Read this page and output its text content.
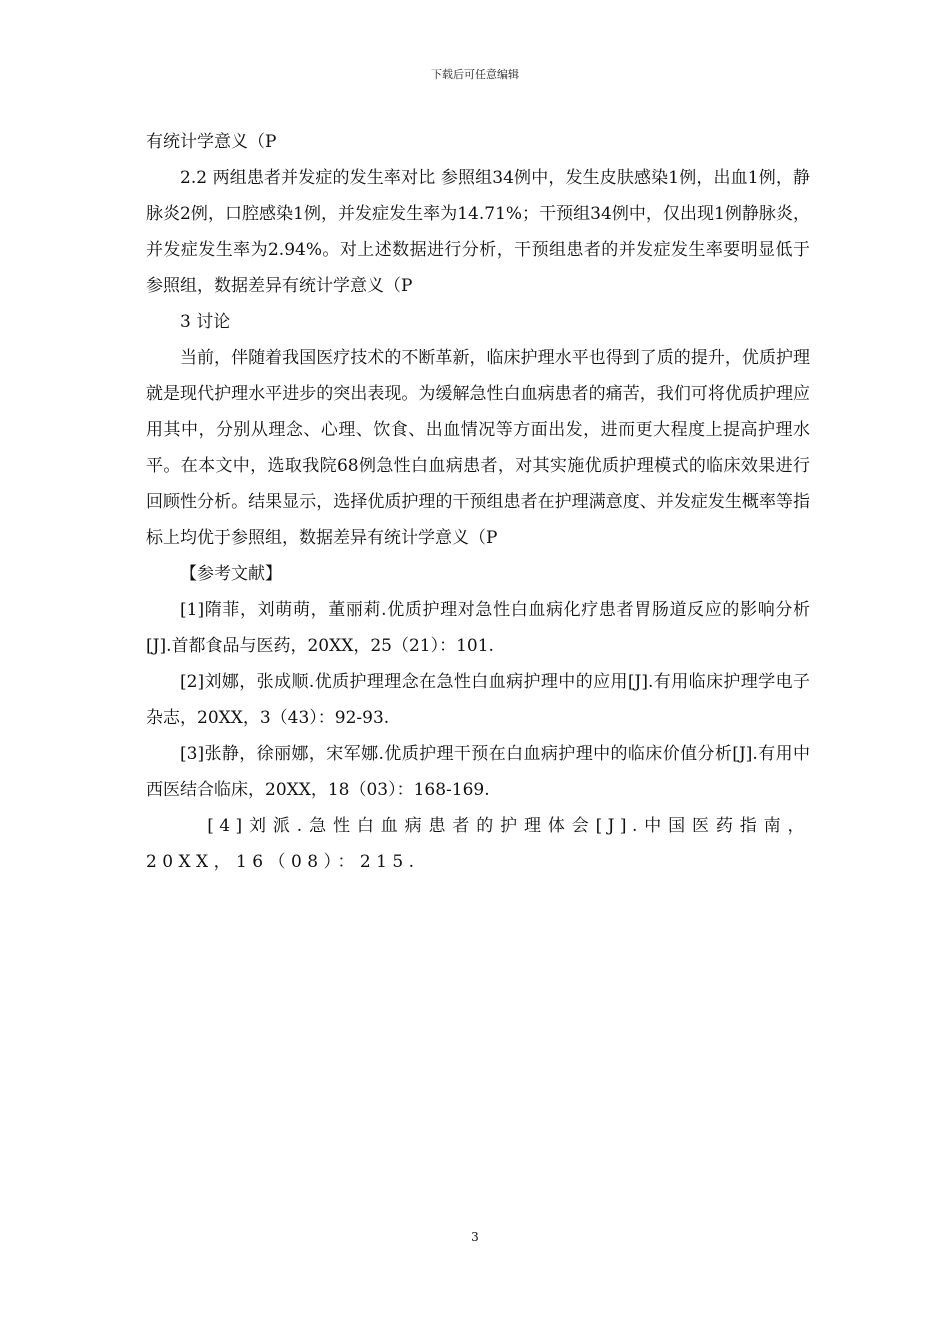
下载后可任意编辑

有统计学意义（P

2.2 两组患者并发症的发生率对比 参照组34例中，发生皮肤感染1例，出血1例，静脉炎2例，口腔感染1例，并发症发生率为14.71%；干预组34例中，仅出现1例静脉炎，并发症发生率为2.94%。对上述数据进行分析，干预组患者的并发症发生率要明显低于参照组，数据差异有统计学意义（P

3 讨论

当前，伴随着我国医疗技术的不断革新，临床护理水平也得到了质的提升，优质护理就是现代护理水平进步的突出表现。为缓解急性白血病患者的痛苦，我们可将优质护理应用其中，分别从理念、心理、饮食、出血情况等方面出发，进而更大程度上提高护理水平。在本文中，选取我院68例急性白血病患者，对其实施优质护理模式的临床效果进行回顾性分析。结果显示，选择优质护理的干预组患者在护理满意度、并发症发生概率等指标上均优于参照组，数据差异有统计学意义（P

【参考文献】

[1]隋菲，刘萌萌，董丽莉.优质护理对急性白血病化疗患者胃肠道反应的影响分析[J].首都食品与医药，20XX，25（21）：101.

[2]刘娜，张成顺.优质护理理念在急性白血病护理中的应用[J].有用临床护理学电子杂志，20XX，3（43）：92-93.

[3]张静，徐丽娜，宋军娜.优质护理干预在白血病护理中的临床价值分析[J].有用中西医结合临床，20XX，18（03）：168-169.

[4]刘派.急性白血病患者的护理体会[J].中国医药指南，20XX，16（08）：215.

3
